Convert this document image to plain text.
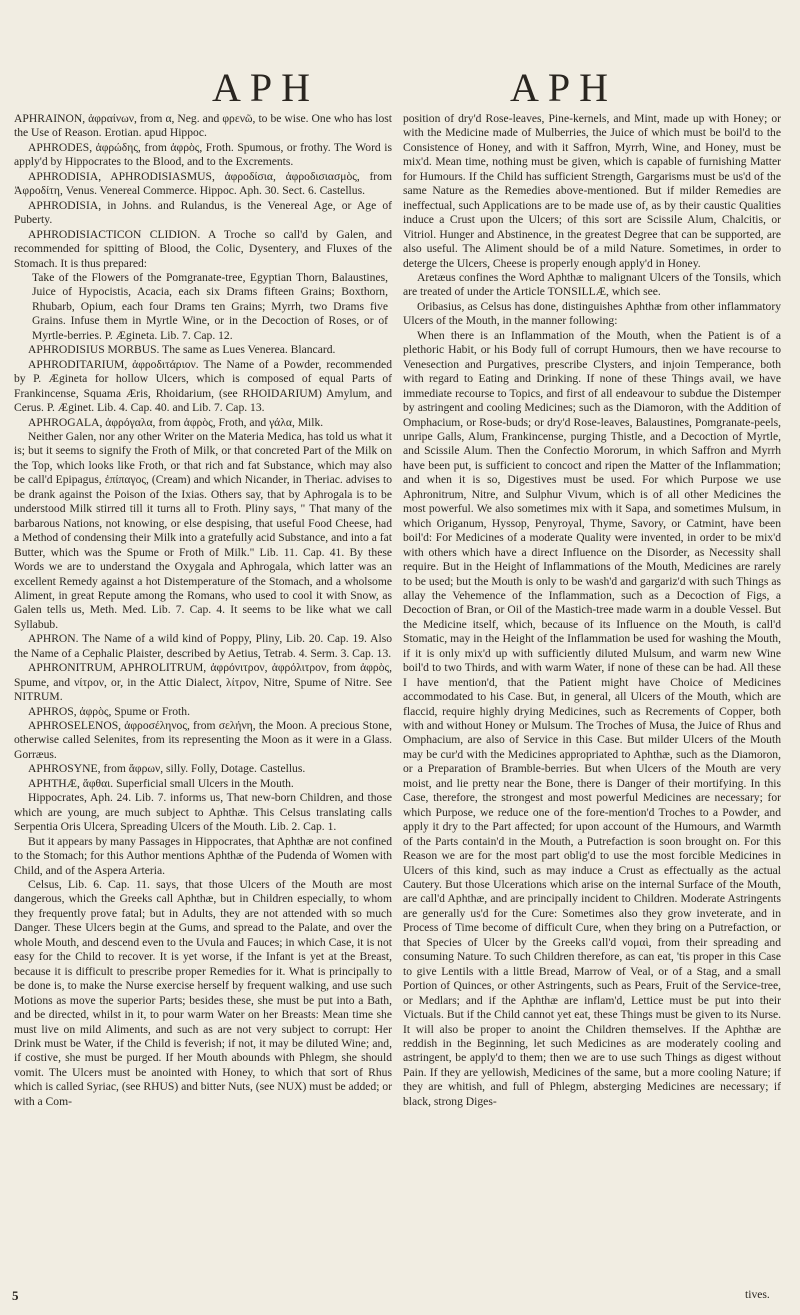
APH	APH

APHRAINON, ἀφραίνων, from α, Neg. and φρενῶ, to be wise. One who has lost the Use of Reason. Erotian. apud Hippoc.

APHRODES, ἀφρώδης, from ἀφρὸς, Froth. Spumous, or frothy. The Word is apply'd by Hippocrates to the Blood, and to the Excrements.

APHRODISIA, APHRODISIASMUS, ἀφροδίσια, ἀφροδισιασμὸς, from Ἀφροδίτη, Venus. Venereal Commerce. Hippoc. Aph. 30. Sect. 6. Castellus.

APHRODISIA, in Johns. and Rulandus, is the Venereal Age, or Age of Puberty.

APHRODISIACTICON CLIDION. A Troche so call'd by Galen, and recommended for spitting of Blood, the Colic, Dysentery, and Fluxes of the Stomach. It is thus prepared:

Take of the Flowers of the Pomgranate-tree, Egyptian Thorn, Balaustines, Juice of Hypocistis, Acacia, each six Drams fifteen Grains; Boxthorn, Rhubarb, Opium, each four Drams ten Grains; Myrrh, two Drams five Grains. Infuse them in Myrtle Wine, or in the Decoction of Roses, or of Myrtle-berries. P. Ægineta. Lib. 7. Cap. 12.

APHRODISIUS MORBUS. The same as Lues Venerea. Blancard.

APHRODITARIUM, ἀφροδιτάριον. The Name of a Powder, recommended by P. Ægineta for hollow Ulcers, which is composed of equal Parts of Frankincense, Squama Æris, Rhoidarium, (see RHOIDARIUM) Amylum, and Cerus. P. Æginet. Lib. 4. Cap. 40. and Lib. 7. Cap. 13.

APHROGALA, ἀφρόγαλα, from ἀφρὸς, Froth, and γάλα, Milk.

Neither Galen, nor any other Writer on the Materia Medica, has told us what it is; but it seems to signify the Froth of Milk, or that concreted Part of the Milk on the Top, which looks like Froth, or that rich and fat Substance, which may also be call'd Epipagus, ἐπίπαγος, (Cream) and which Nicander, in Theriac. advises to be drank against the Poison of the Ixias. Others say, that by Aphrogala is to be understood Milk stirred till it turns all to Froth. Pliny says, " That many of the barbarous Nations, not knowing, or else despising, that useful Food Cheese, had a Method of condensing their Milk into a gratefully acid Substance, and into a fat Butter, which was the Spume or Froth of Milk." Lib. 11. Cap. 41. By these Words we are to understand the Oxygala and Aphrogala, which latter was an excellent Remedy against a hot Distemperature of the Stomach, and a wholsome Aliment, in great Repute among the Romans, who used to cool it with Snow, as Galen tells us, Meth. Med. Lib. 7. Cap. 4. It seems to be like what we call Syllabub.

APHRON. The Name of a wild kind of Poppy, Pliny, Lib. 20. Cap. 19. Also the Name of a Cephalic Plaister, described by Aetius, Tetrab. 4. Serm. 3. Cap. 13.

APHRONITRUM, APHROLITRUM, ἀφρόνιτρον, ἀφρόλιτρον, from ἀφρὸς, Spume, and νίτρον, or, in the Attic Dialect, λίτρον, Nitre, Spume of Nitre. See NITRUM.

APHROS, ἀφρὸς, Spume or Froth.

APHROSELENOS, ἀφροσέληνος, from σελήνη, the Moon. A precious Stone, otherwise called Selenites, from its representing the Moon as it were in a Glass. Gorræus.

APHROSYNE, from ἄφρων, silly. Folly, Dotage. Castellus.

APHTHÆ, ἄφθαι. Superficial small Ulcers in the Mouth.

Hippocrates, Aph. 24. Lib. 7. informs us, That new-born Children, and those which are young, are much subject to Aphthæ. This Celsus translating calls Serpentia Oris Ulcera, Spreading Ulcers of the Mouth. Lib. 2. Cap. 1.

But it appears by many Passages in Hippocrates, that Aphthæ are not confined to the Stomach; for this Author mentions Aphthæ of the Pudenda of Women with Child, and of the Aspera Arteria.

Celsus, Lib. 6. Cap. 11. says, that those Ulcers of the Mouth are most dangerous, which the Greeks call Aphthæ, but in Children especially, to whom they frequently prove fatal; but in Adults, they are not attended with so much Danger. These Ulcers begin at the Gums, and spread to the Palate, and over the whole Mouth, and descend even to the Uvula and Fauces; in which Case, it is not easy for the Child to recover. It is yet worse, if the Infant is yet at the Breast, because it is difficult to prescribe proper Remedies for it. What is principally to be done is, to make the Nurse exercise herself by frequent walking, and use such Motions as move the superior Parts; besides these, she must be put into a Bath, and be directed, whilst in it, to pour warm Water on her Breasts: Mean time she must live on mild Aliments, and such as are not very subject to corrupt: Her Drink must be Water, if the Child is feverish; if not, it may be diluted Wine; and, if costive, she must be purged. If her Mouth abounds with Phlegm, she should vomit. The Ulcers must be anointed with Honey, to which that sort of Rhus which is called Syriac, (see RHUS) and bitter Nuts, (see NUX) must be added; or with a Com-

position of dry'd Rose-leaves, Pine-kernels, and Mint, made up with Honey; or with the Medicine made of Mulberries, the Juice of which must be boil'd to the Consistence of Honey, and with it Saffron, Myrrh, Wine, and Honey, must be mix'd. Mean time, nothing must be given, which is capable of furnishing Matter for Humours. If the Child has sufficient Strength, Gargarisms must be us'd of the same Nature as the Remedies above-mentioned. But if milder Remedies are ineffectual, such Applications are to be made use of, as by their caustic Qualities induce a Crust upon the Ulcers; of this sort are Scissile Alum, Chalcitis, or Vitriol. Hunger and Abstinence, in the greatest Degree that can be supported, are also useful. The Aliment should be of a mild Nature. Sometimes, in order to deterge the Ulcers, Cheese is properly enough apply'd in Honey.

Aretæus confines the Word Aphthæ to malignant Ulcers of the Tonsils, which are treated of under the Article TONSILLÆ, which see.

Oribasius, as Celsus has done, distinguishes Aphthæ from other inflammatory Ulcers of the Mouth, in the manner following:

When there is an Inflammation of the Mouth, when the Patient is of a plethoric Habit, or his Body full of corrupt Humours, then we have recourse to Venesection and Purgatives, prescribe Clysters, and injoin Temperance, both with regard to Eating and Drinking. If none of these Things avail, we have immediate recourse to Topics, and first of all endeavour to subdue the Distemper by astringent and cooling Medicines; such as the Diamoron, with the Addition of Omphacium, or Rose-buds; or dry'd Rose-leaves, Balaustines, Pomgranate-peels, unripe Galls, Alum, Frankincense, purging Thistle, and a Decoction of Myrtle, and Scissile Alum. Then the Confectio Mororum, in which Saffron and Myrrh have been put, is sufficient to concoct and ripen the Matter of the Inflammation; and when it is so, Digestives must be used. For which Purpose we use Aphronitrum, Nitre, and Sulphur Vivum, which is of all other Medicines the most powerful. We also sometimes mix with it Sapa, and sometimes Mulsum, in which Origanum, Hyssop, Penyroyal, Thyme, Savory, or Catmint, have been boil'd: For Medicines of a moderate Quality were invented, in order to be mix'd with others which have a direct Influence on the Disorder, as Necessity shall require. But in the Height of Inflammations of the Mouth, Medicines are rarely to be used; but the Mouth is only to be wash'd and gargariz'd with such Things as allay the Vehemence of the Inflammation, such as a Decoction of Figs, a Decoction of Bran, or Oil of the Mastich-tree made warm in a double Vessel. But the Medicine itself, which, because of its Influence on the Mouth, is call'd Stomatic, may in the Height of the Inflammation be used for washing the Mouth, if it is only mix'd up with sufficiently diluted Mulsum, and warm new Wine boil'd to two Thirds, and with warm Water, if none of these can be had. All these I have mention'd, that the Patient might have Choice of Medicines accommodated to his Case. But, in general, all Ulcers of the Mouth, which are flaccid, require highly drying Medicines, such as Recrements of Copper, both with and without Honey or Mulsum. The Troches of Musa, the Juice of Rhus and Omphacium, are also of Service in this Case. But milder Ulcers of the Mouth may be cur'd with the Medicines appropriated to Aphthæ, such as the Diamoron, or a Preparation of Bramble-berries. But when Ulcers of the Mouth are very moist, and lie pretty near the Bone, there is Danger of their mortifying. In this Case, therefore, the strongest and most powerful Medicines are necessary; for which Purpose, we reduce one of the fore-mention'd Troches to a Powder, and apply it dry to the Part affected; for upon account of the Humours, and Warmth of the Parts contain'd in the Mouth, a Putrefaction is soon brought on. For this Reason we are for the most part oblig'd to use the most forcible Medicines in Ulcers of this kind, such as may induce a Crust as effectually as the actual Cautery. But those Ulcerations which arise on the internal Surface of the Mouth, are call'd Aphthæ, and are principally incident to Children. Moderate Astringents are generally us'd for the Cure: Sometimes also they grow inveterate, and in Process of Time become of difficult Cure, when they bring on a Putrefaction, or that Species of Ulcer by the Greeks call'd νομαὶ, from their spreading and consuming Nature. To such Children therefore, as can eat, 'tis proper in this Case to give Lentils with a little Bread, Marrow of Veal, or of a Stag, and a small Portion of Quinces, or other Astringents, such as Pears, Fruit of the Service-tree, or Medlars; and if the Aphthæ are inflam'd, Lettice must be put into their Victuals. But if the Child cannot yet eat, these Things must be given to its Nurse. It will also be proper to anoint the Children themselves. If the Aphthæ are reddish in the Beginning, let such Medicines as are moderately cooling and astringent, be apply'd to them; then we are to use such Things as digest without Pain. If they are yellowish, Medicines of the same, but a more cooling Nature; if they are whitish, and full of Phlegm, absterging Medicines are necessary; if black, strong Diges-

5	tives.
